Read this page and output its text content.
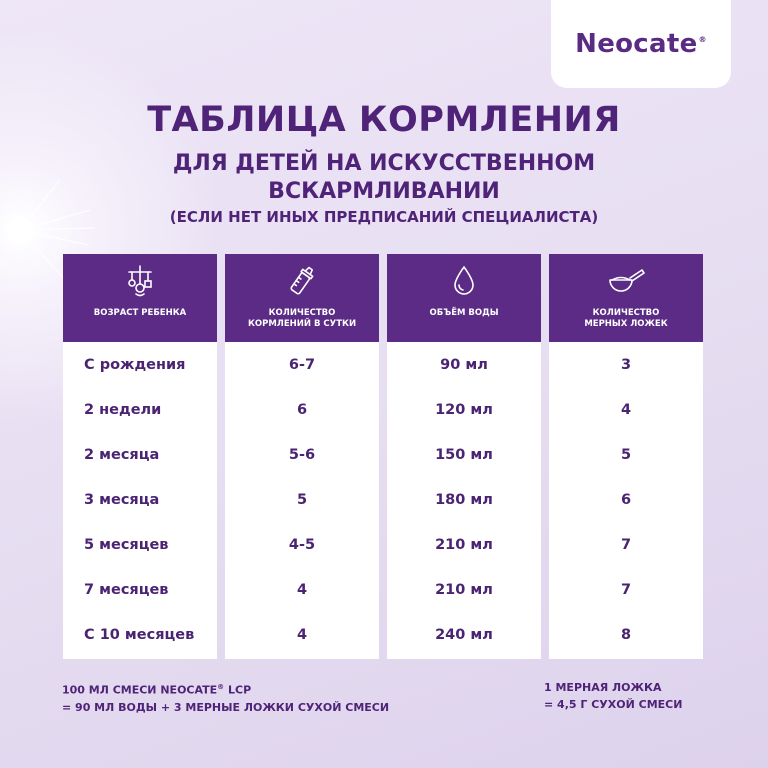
Neocate®
ТАБЛИЦА КОРМЛЕНИЯ
ДЛЯ ДЕТЕЙ НА ИСКУССТВЕННОМ
ВСКАРМЛИВАНИИ
(ЕСЛИ НЕТ ИНЫХ ПРЕДПИСАНИЙ СПЕЦИАЛИСТА)
ВОЗРАСТ РЕБЕНКА
С рождения
2 недели
2 месяца
3 месяца
5 месяцев
7 месяцев
С 10 месяцев
КОЛИЧЕСТВО
КОРМЛЕНИЙ В СУТКИ
6-7
6
5-6
5
4-5
4
4
ОБЪЁМ ВОДЫ
90 мл
120 мл
150 мл
180 мл
210 мл
210 мл
240 мл
КОЛИЧЕСТВО
МЕРНЫХ ЛОЖЕК
3
4
5
6
7
7
8
100 МЛ СМЕСИ NEOCATE® LCP
= 90 МЛ ВОДЫ + 3 МЕРНЫЕ ЛОЖКИ СУХОЙ СМЕСИ
1 МЕРНАЯ ЛОЖКА
= 4,5 Г СУХОЙ СМЕСИ
